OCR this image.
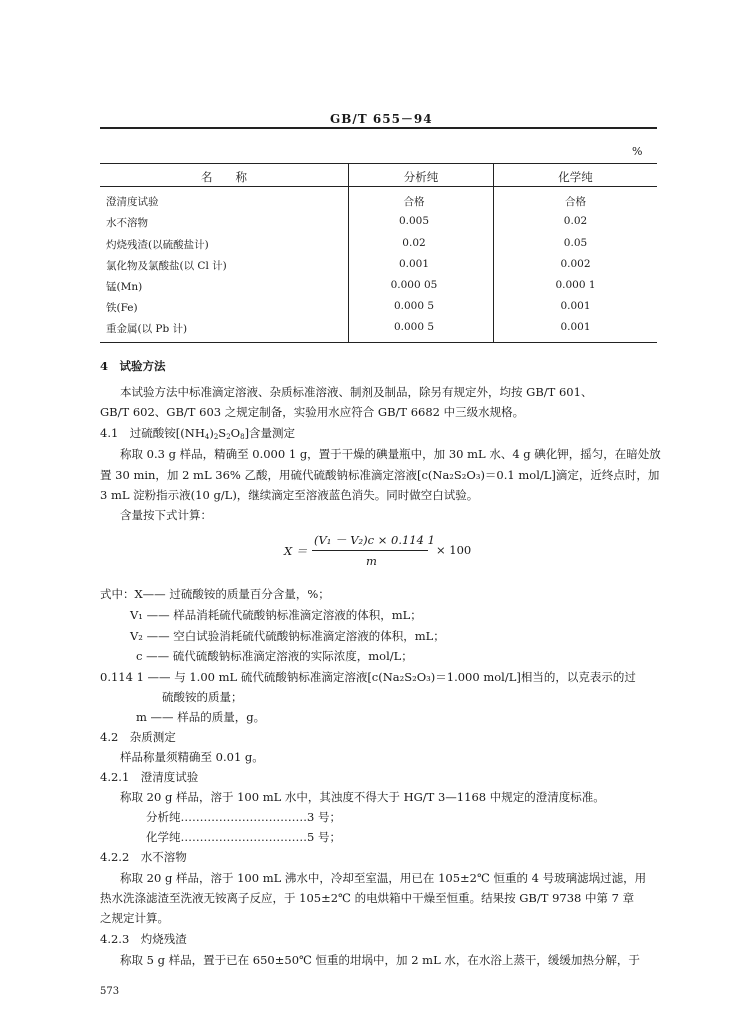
GB/T 655－94
%
名　　称	分析纯	化学纯
澄清度试验	合格	合格
水不溶物	0.005	0.02
灼烧残渣(以硫酸盐计)	0.02	0.05
氯化物及氯酸盐(以 Cl 计)	0.001	0.002
锰(Mn)	0.000 05	0.000 1
铁(Fe)	0.000 5	0.001
重金属(以 Pb 计)	0.000 5	0.001
4　试验方法
本试验方法中标准滴定溶液、杂质标准溶液、制剂及制品，除另有规定外，均按 GB/T 601、
GB/T 602、GB/T 603 之规定制备，实验用水应符合 GB/T 6682 中三级水规格。
4.1　过硫酸铵$[(NH_4)_2S_2O_8]$含量测定
称取 0.3 g 样品，精确至 0.000 1 g，置于干燥的碘量瓶中，加 30 mL 水、4 g 碘化钾，摇匀，在暗处放
置 30 min，加 2 mL 36% 乙酸，用硫代硫酸钠标准滴定溶液[c(Na₂S₂O₃)＝0.1 mol/L]滴定，近终点时，加
3 mL 淀粉指示液(10 g/L)，继续滴定至溶液蓝色消失。同时做空白试验。
含量按下式计算：
X ＝
(V₁ － V₂)c × 0.114 1
m
× 100
式中：X—— 过硫酸铵的质量百分含量，%；
V₁ —— 样品消耗硫代硫酸钠标准滴定溶液的体积，mL；
V₂ —— 空白试验消耗硫代硫酸钠标准滴定溶液的体积，mL；
c —— 硫代硫酸钠标准滴定溶液的实际浓度，mol/L；
0.114 1 —— 与 1.00 mL 硫代硫酸钠标准滴定溶液[c(Na₂S₂O₃)＝1.000 mol/L]相当的，以克表示的过
硫酸铵的质量；
m —— 样品的质量，g。
4.2　杂质测定
样品称量须精确至 0.01 g。
4.2.1　澄清度试验
称取 20 g 样品，溶于 100 mL 水中，其浊度不得大于 HG/T 3—1168 中规定的澄清度标准。
分析纯……………………………3 号；
化学纯……………………………5 号；
4.2.2　水不溶物
称取 20 g 样品，溶于 100 mL 沸水中，冷却至室温，用已在 105±2℃ 恒重的 4 号玻璃滤埚过滤，用
热水洗涤滤渣至洗液无铵离子反应，于 105±2℃ 的电烘箱中干燥至恒重。结果按 GB/T 9738 中第 7 章
之规定计算。
4.2.3　灼烧残渣
称取 5 g 样品，置于已在 650±50℃ 恒重的坩埚中，加 2 mL 水，在水浴上蒸干，缓缓加热分解，于
573
